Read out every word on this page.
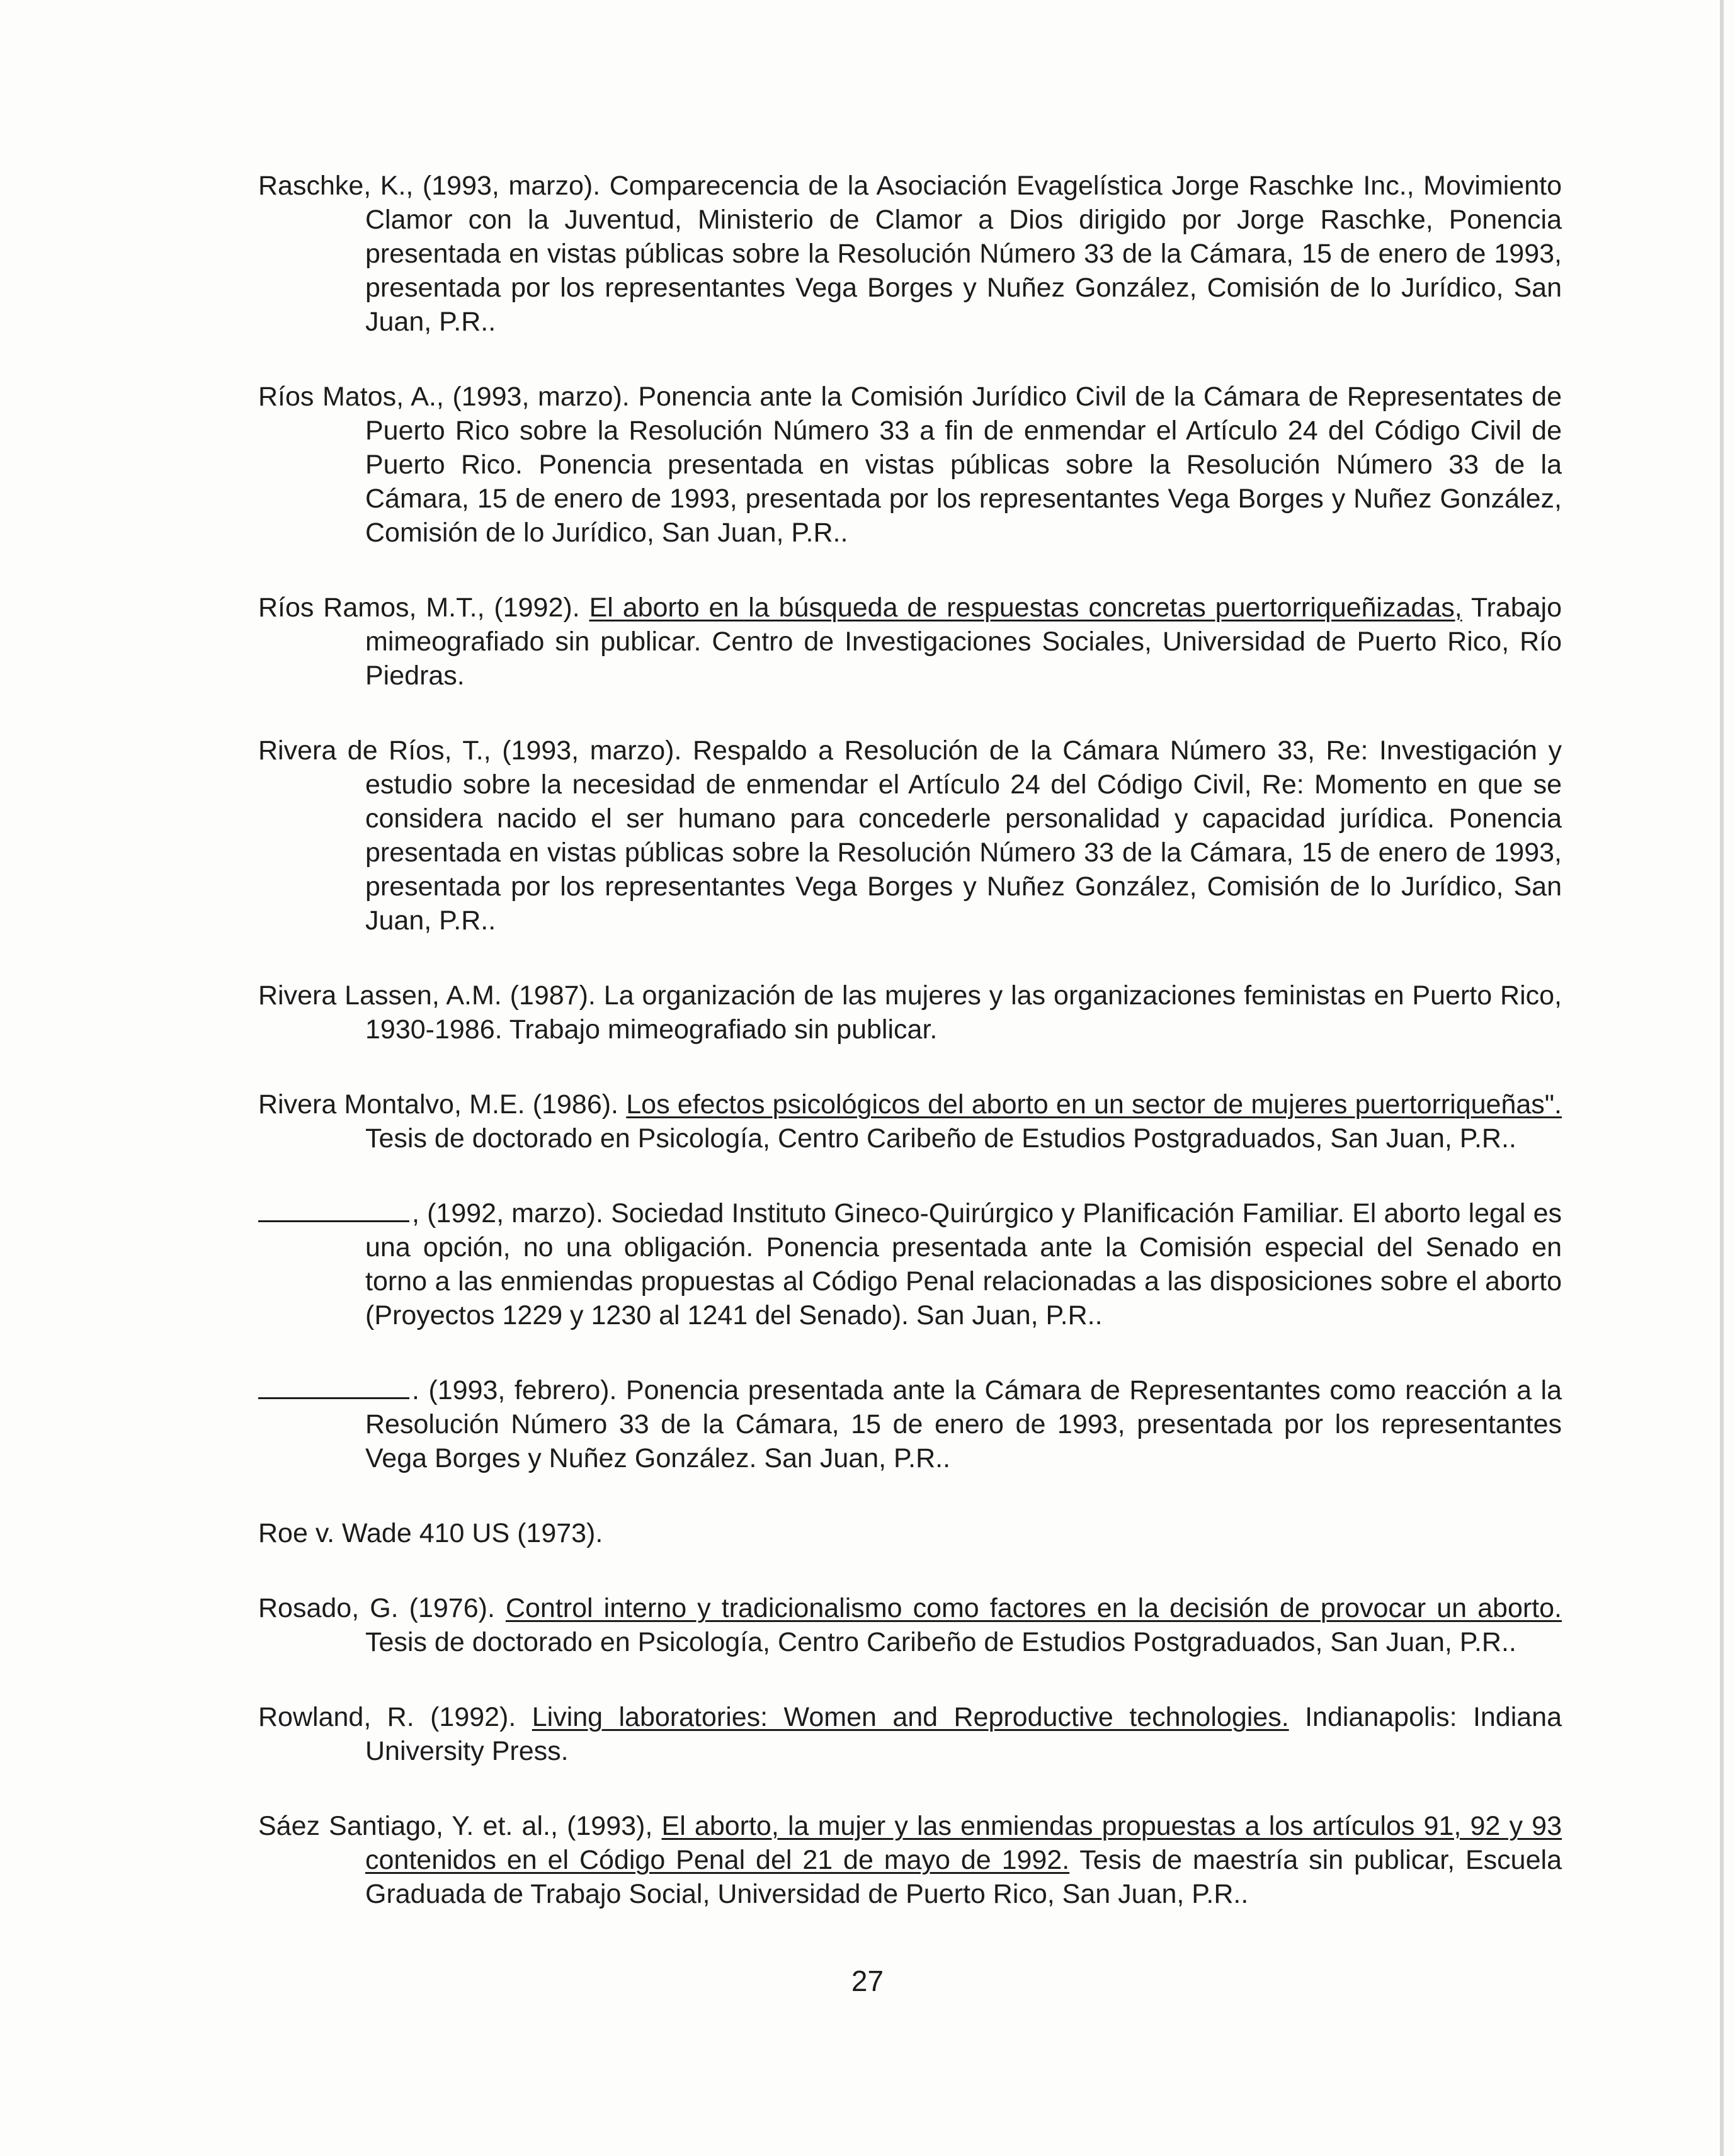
Raschke, K., (1993, marzo). Comparecencia de la Asociación Evagelística Jorge Raschke Inc., Movimiento Clamor con la Juventud, Ministerio de Clamor a Dios dirigido por Jorge Raschke, Ponencia presentada en vistas públicas sobre la Resolución Número 33 de la Cámara, 15 de enero de 1993, presentada por los representantes Vega Borges y Nuñez González, Comisión de lo Jurídico, San Juan, P.R..
Ríos Matos, A., (1993, marzo). Ponencia ante la Comisión Jurídico Civil de la Cámara de Representates de Puerto Rico sobre la Resolución Número 33 a fin de enmendar el Artículo 24 del Código Civil de Puerto Rico. Ponencia presentada en vistas públicas sobre la Resolución Número 33 de la Cámara, 15 de enero de 1993, presentada por los representantes Vega Borges y Nuñez González, Comisión de lo Jurídico, San Juan, P.R..
Ríos Ramos, M.T., (1992). El aborto en la búsqueda de respuestas concretas puertorriqueñizadas, Trabajo mimeografiado sin publicar. Centro de Investigaciones Sociales, Universidad de Puerto Rico, Río Piedras.
Rivera de Ríos, T., (1993, marzo). Respaldo a Resolución de la Cámara Número 33, Re: Investigación y estudio sobre la necesidad de enmendar el Artículo 24 del Código Civil, Re: Momento en que se considera nacido el ser humano para concederle personalidad y capacidad jurídica. Ponencia presentada en vistas públicas sobre la Resolución Número 33 de la Cámara, 15 de enero de 1993, presentada por los representantes Vega Borges y Nuñez González, Comisión de lo Jurídico, San Juan, P.R..
Rivera Lassen, A.M. (1987). La organización de las mujeres y las organizaciones feministas en Puerto Rico, 1930-1986. Trabajo mimeografiado sin publicar.
Rivera Montalvo, M.E. (1986). Los efectos psicológicos del aborto en un sector de mujeres puertorriqueñas". Tesis de doctorado en Psicología, Centro Caribeño de Estudios Postgraduados, San Juan, P.R..
, (1992, marzo). Sociedad Instituto Gineco-Quirúrgico y Planificación Familiar. El aborto legal es una opción, no una obligación. Ponencia presentada ante la Comisión especial del Senado en torno a las enmiendas propuestas al Código Penal relacionadas a las disposiciones sobre el aborto (Proyectos 1229 y 1230 al 1241 del Senado). San Juan, P.R..
. (1993, febrero). Ponencia presentada ante la Cámara de Representantes como reacción a la Resolución Número 33 de la Cámara, 15 de enero de 1993, presentada por los representantes Vega Borges y Nuñez González. San Juan, P.R..
Roe v. Wade 410 US (1973).
Rosado, G. (1976). Control interno y tradicionalismo como factores en la decisión de provocar un aborto. Tesis de doctorado en Psicología, Centro Caribeño de Estudios Postgraduados, San Juan, P.R..
Rowland, R. (1992). Living laboratories: Women and Reproductive technologies. Indianapolis: Indiana University Press.
Sáez Santiago, Y. et. al., (1993), El aborto, la mujer y las enmiendas propuestas a los artículos 91, 92 y 93 contenidos en el Código Penal del 21 de mayo de 1992. Tesis de maestría sin publicar, Escuela Graduada de Trabajo Social, Universidad de Puerto Rico, San Juan, P.R..
27
